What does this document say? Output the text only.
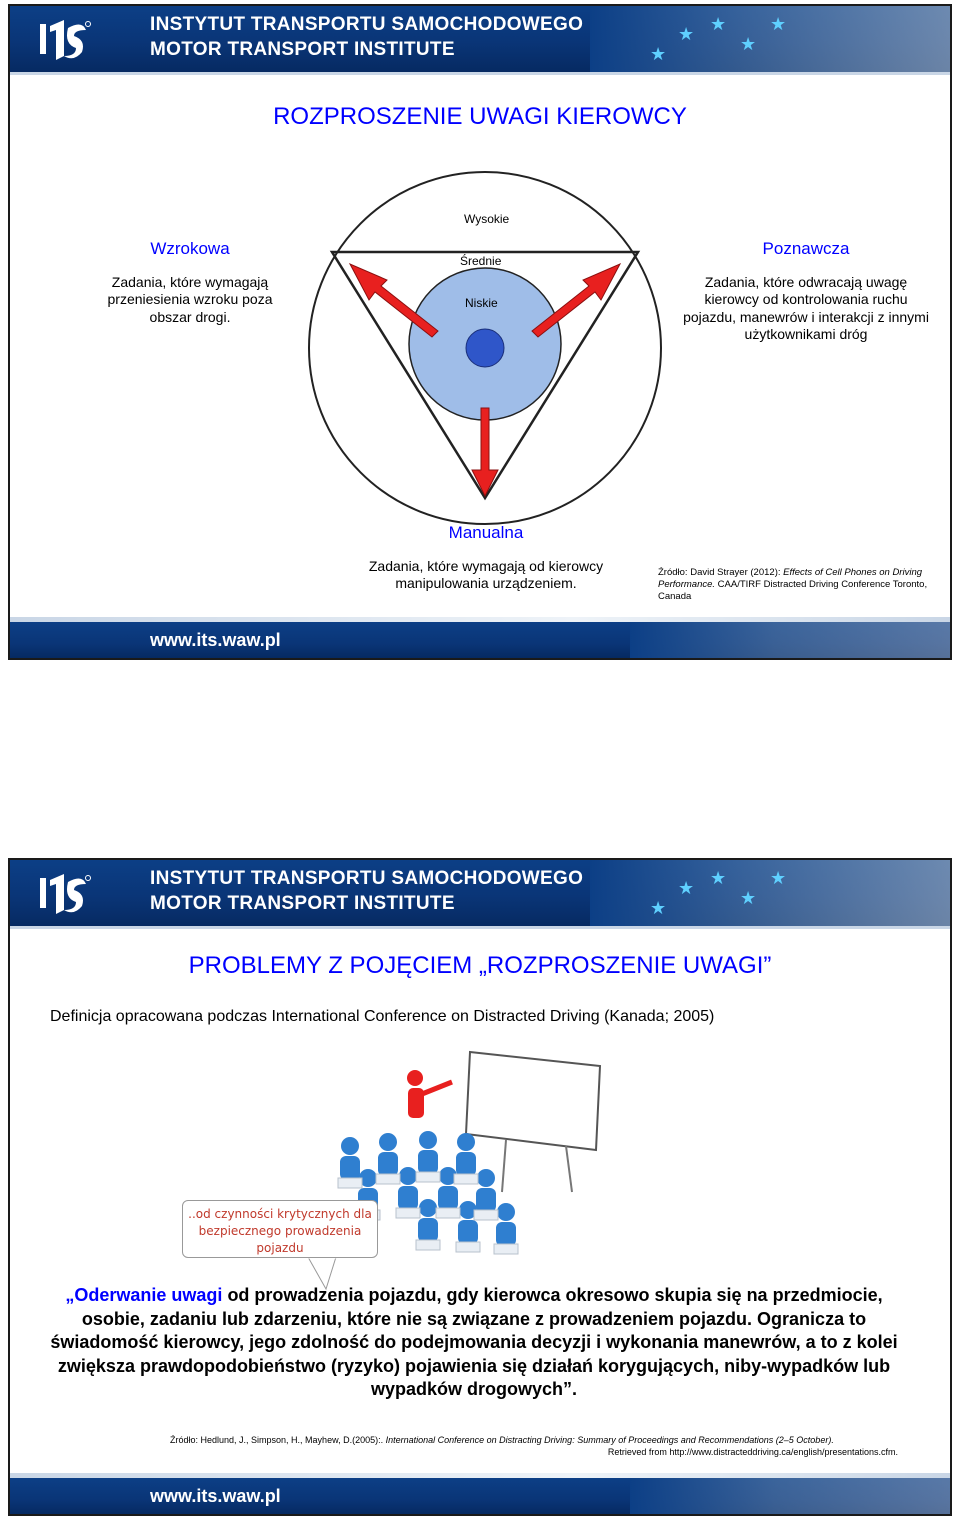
INSTYTUT TRANSPORTU SAMOCHODOWEGO
MOTOR TRANSPORT INSTITUTE	★
★ ★
★
★
ROZPROSZENIE UWAGI KIEROWCY
Wysokie
Średnie
Niskie
Wzrokowa
Zadania, które wymagają przeniesienia wzroku poza obszar drogi.
Poznawcza
Zadania, które odwracają uwagę kierowcy od kontrolowania ruchu pojazdu, manewrów i interakcji z innymi użytkownikami dróg
Manualna
Zadania, które wymagają od kierowcy manipulowania urządzeniem.
Źródło: David Strayer (2012): Effects of Cell Phones on Driving Performance. CAA/TIRF Distracted Driving Conference Toronto, Canada
www.its.waw.pl
INSTYTUT TRANSPORTU SAMOCHODOWEGO
MOTOR TRANSPORT INSTITUTE	★
★ ★
★
★
PROBLEMY Z POJĘCIEM „ROZPROSZENIE UWAGI”
Definicja opracowana podczas International Conference on Distracted Driving (Kanada; 2005)
..od czynności krytycznych dla bezpiecznego prowadzenia pojazdu
„Oderwanie uwagi od prowadzenia pojazdu, gdy kierowca okresowo skupia się na przedmiocie, osobie, zadaniu lub zdarzeniu, które nie są związane z prowadzeniem pojazdu. Ogranicza to świadomość kierowcy, jego zdolność do podejmowania decyzji i wykonania manewrów, a to z kolei zwiększa prawdopodobieństwo (ryzyko) pojawienia się działań korygujących, niby-wypadków lub wypadków drogowych”.
Źródło: Hedlund, J., Simpson, H., Mayhew, D.(2005):. International Conference on Distracting Driving: Summary of Proceedings and Recommendations (2–5 October).
Retrieved from http://www.distracteddriving.ca/english/presentations.cfm.
www.its.waw.pl
